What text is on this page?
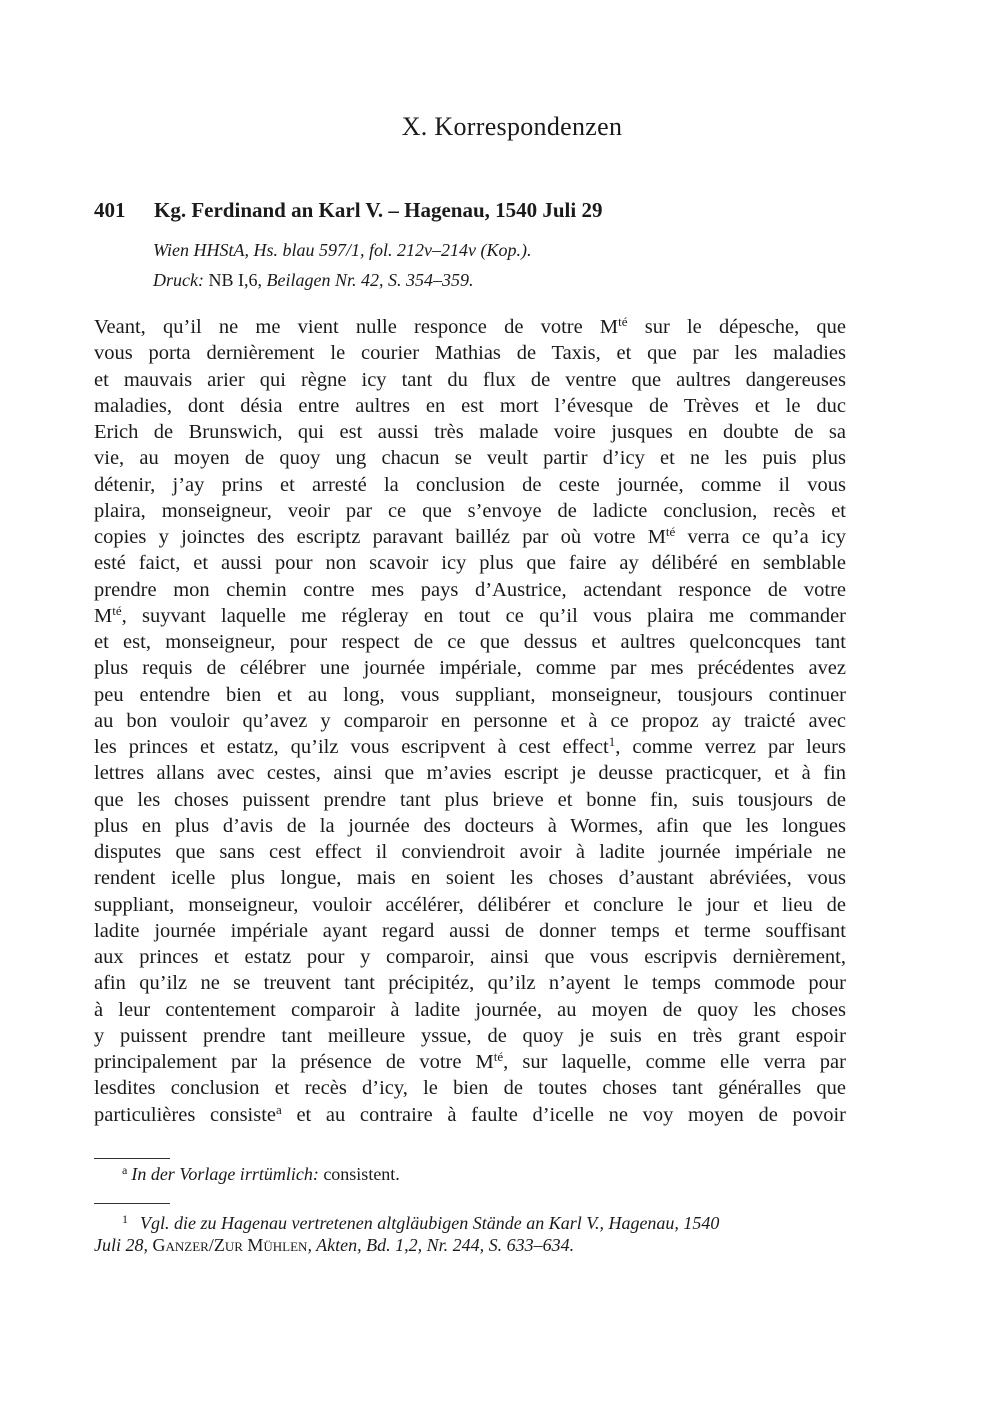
X. Korrespondenzen
401 Kg. Ferdinand an Karl V. – Hagenau, 1540 Juli 29
Wien HHStA, Hs. blau 597/1, fol. 212v–214v (Kop.).
Druck: NB I,6, Beilagen Nr. 42, S. 354–359.
Veant, qu’il ne me vient nulle responce de votre $M^{té}$ sur le dépesche, que
vous porta dernièrement le courier Mathias de Taxis, et que par les maladies
et mauvais arier qui règne icy tant du flux de ventre que aultres dangereuses
maladies, dont désia entre aultres en est mort l’évesque de Trèves et le duc
Erich de Brunswich, qui est aussi très malade voire jusques en doubte de sa
vie, au moyen de quoy ung chacun se veult partir d’icy et ne les puis plus
détenir, j’ay prins et arresté la conclusion de ceste journée, comme il vous
plaira, monseigneur, veoir par ce que s’envoye de ladicte conclusion, recès et
copies y joinctes des escriptz paravant bailléz par où votre $M^{té}$ verra ce qu’a icy
esté faict, et aussi pour non scavoir icy plus que faire ay délibéré en semblable
prendre mon chemin contre mes pays d’Austrice, actendant responce de votre
$M^{té}$, suyvant laquelle me régleray en tout ce qu’il vous plaira me commander
et est, monseigneur, pour respect de ce que dessus et aultres quelconcques tant
plus requis de célébrer une journée impériale, comme par mes précédentes avez
peu entendre bien et au long, vous suppliant, monseigneur, tousjours continuer
au bon vouloir qu’avez y comparoir en personne et à ce propoz ay traicté avec
les princes et estatz, qu’ilz vous escripvent à cest effect$^1$, comme verrez par leurs
lettres allans avec cestes, ainsi que m’avies escript je deusse practicquer, et à fin
que les choses puissent prendre tant plus brieve et bonne fin, suis tousjours de
plus en plus d’avis de la journée des docteurs à Wormes, afin que les longues
disputes que sans cest effect il conviendroit avoir à ladite journée impériale ne
rendent icelle plus longue, mais en soient les choses d’austant abréviées, vous
suppliant, monseigneur, vouloir accélérer, délibérer et conclure le jour et lieu de
ladite journée impériale ayant regard aussi de donner temps et terme souffisant
aux princes et estatz pour y comparoir, ainsi que vous escripvis dernièrement,
afin qu’ilz ne se treuvent tant précipitéz, qu’ilz n’ayent le temps commode pour
à leur contentement comparoir à ladite journée, au moyen de quoy les choses
y puissent prendre tant meilleure yssue, de quoy je suis en très grant espoir
principalement par la présence de votre $M^{té}$, sur laquelle, comme elle verra par
lesdites conclusion et recès d’icy, le bien de toutes choses tant généralles que
particulières consiste$^a$ et au contraire à faulte d’icelle ne voy moyen de povoir
$^a$ In der Vorlage irrtümlich: consistent.
$^1$ Vgl. die zu Hagenau vertretenen altgläubigen Stände an Karl V., Hagenau, 1540
Juli 28, Ganzer/Zur Mühlen, Akten, Bd. 1,2, Nr. 244, S. 633–634.
